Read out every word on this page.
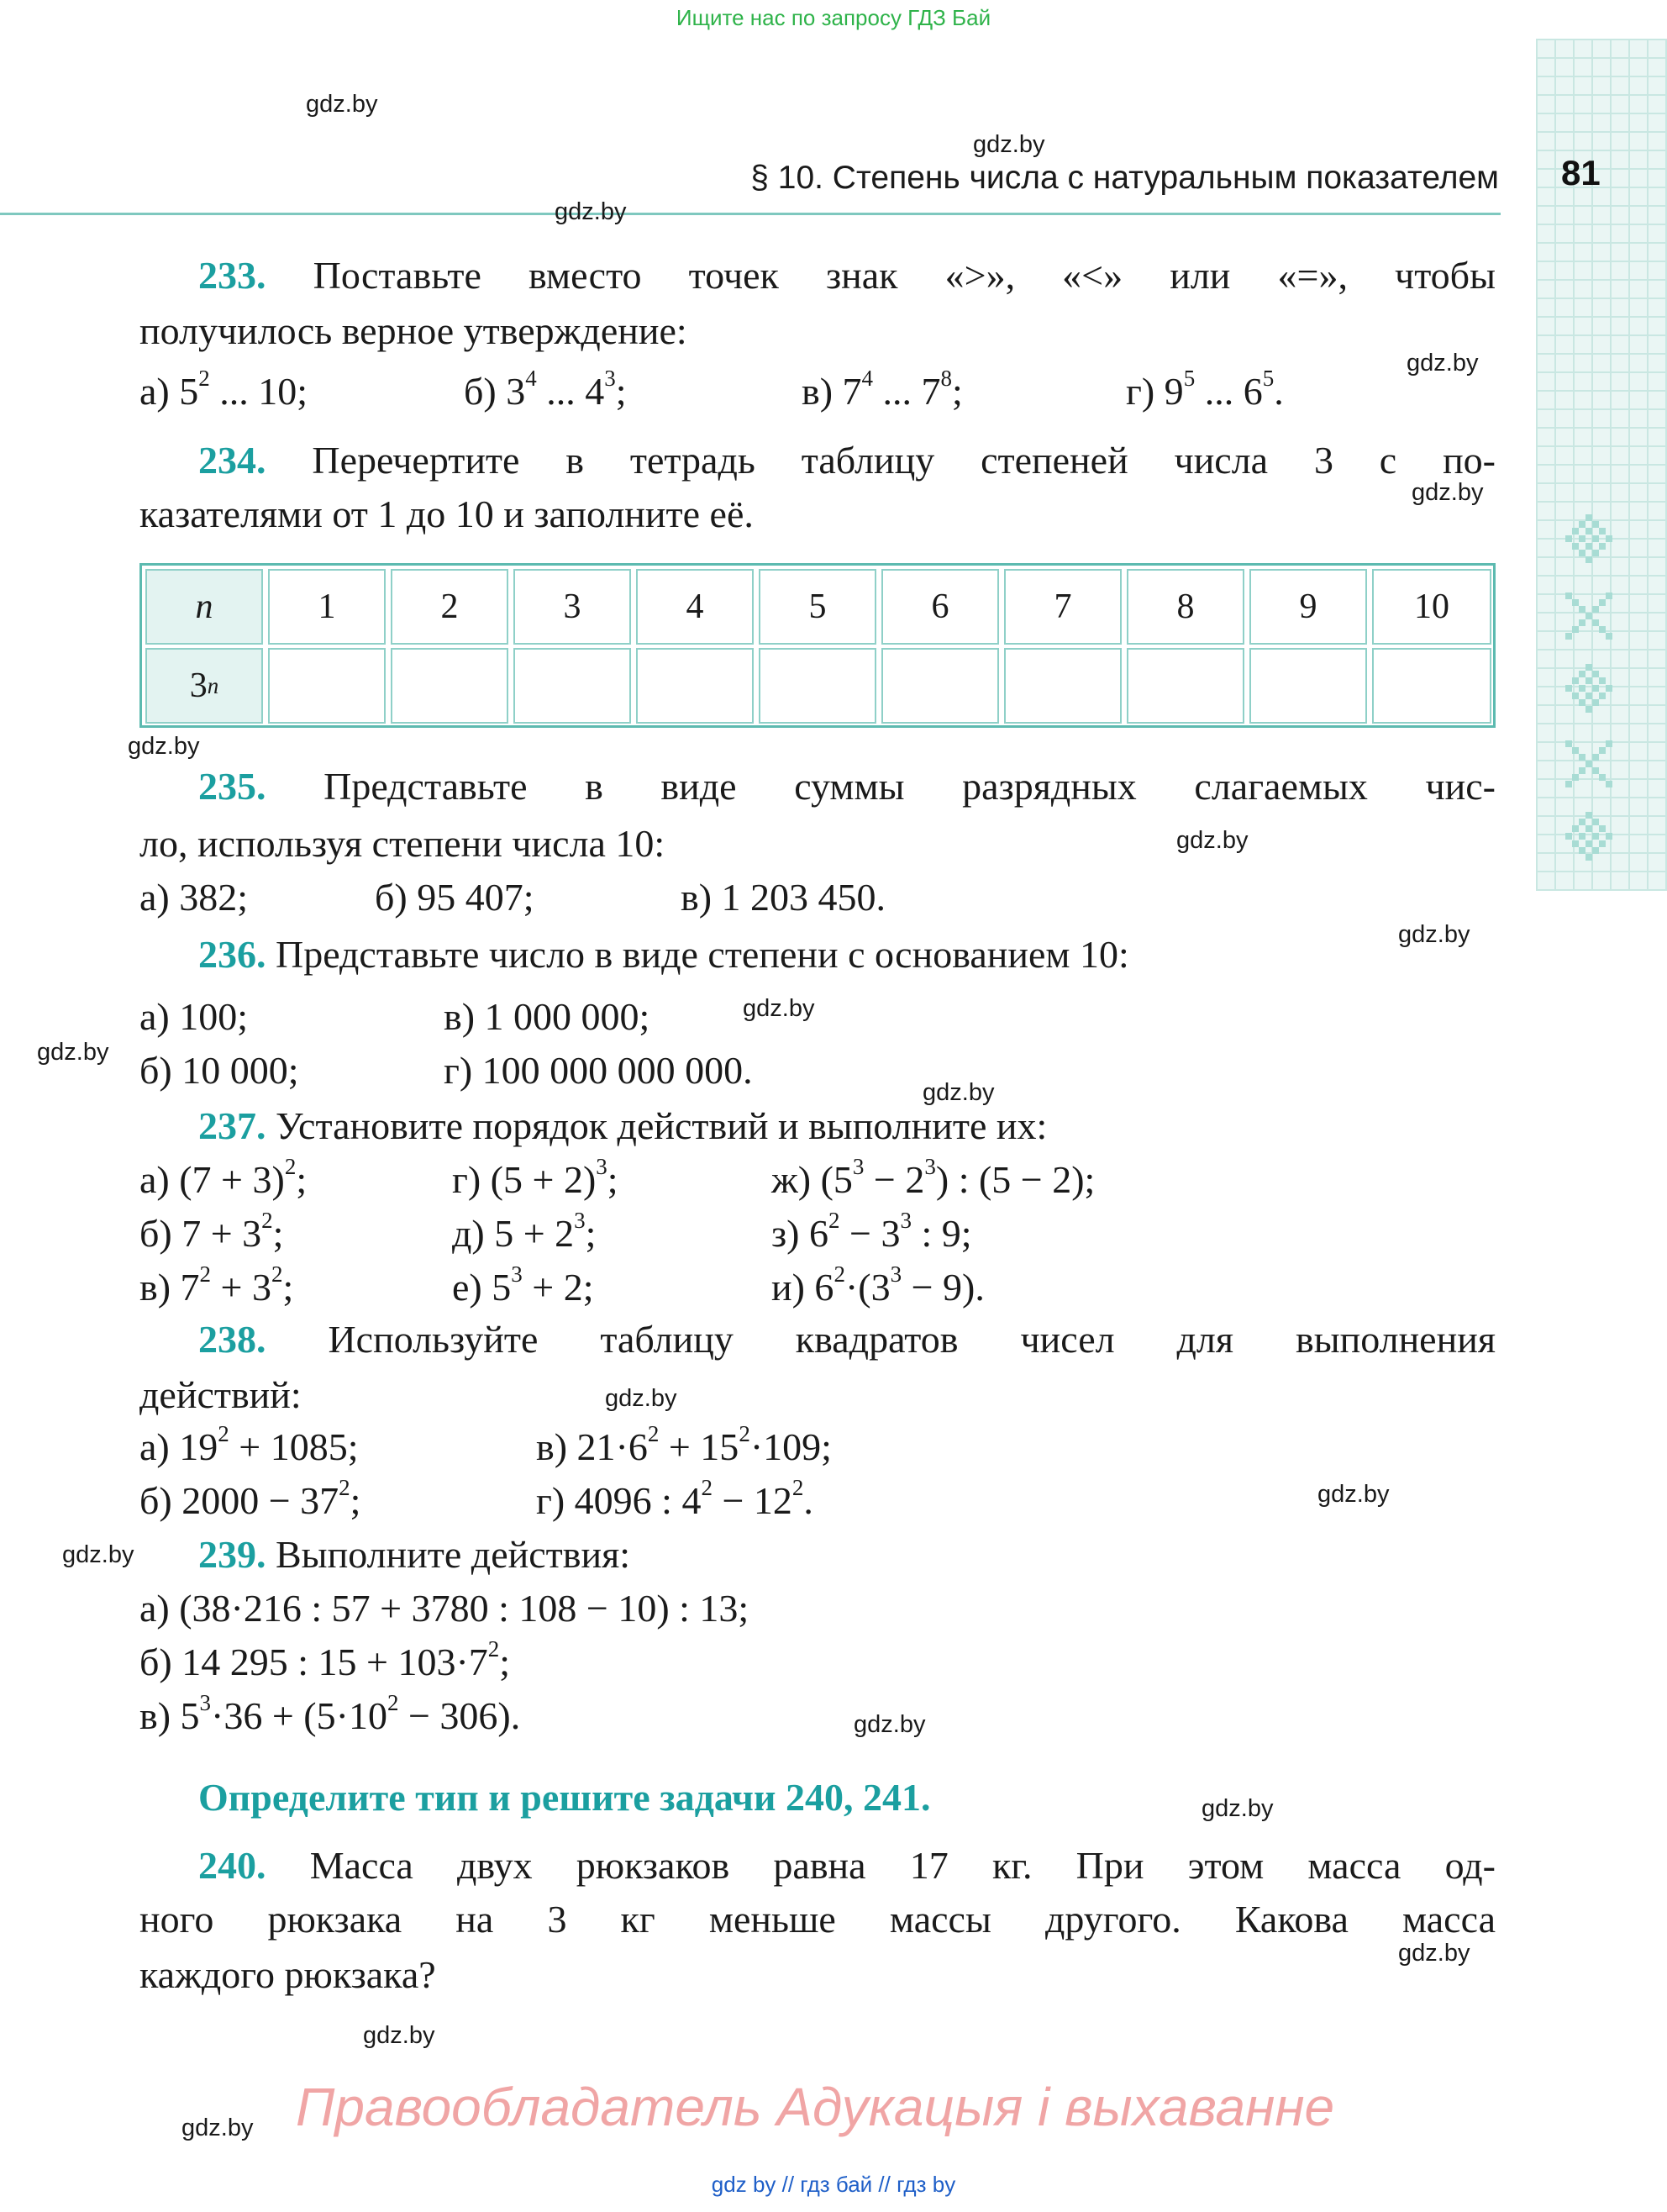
Ищите нас по запросу ГДЗ Бай
gdz by // гдз бай // гдз by
81
§ 10. Степень числа с натуральным показателем
gdz.by
gdz.by
gdz.by
gdz.by
gdz.by
gdz.by
gdz.by
gdz.by
gdz.by
gdz.by
gdz.by
gdz.by
gdz.by
gdz.by
gdz.by
gdz.by
gdz.by
gdz.by
gdz.by
233. Поставьте вместо точек знак «>», «<» или «=», чтобы
получилось верное утверждение:
а) $5^2$ ... 10;	б) $3^4$ ... $4^3$;	в) $7^4$ ... $7^8$;	г) $9^5$ ... $6^5$.
234. Перечертите в тетрадь таблицу степеней числа 3 с по-
казателями от 1 до 10 и заполните её.
n	1	2	3	4	5	6	7	8	9	10
3 n
235. Представьте в виде суммы разрядных слагаемых чис-
ло, используя степени числа 10:
а) 382;	б) 95 407;	в) 1 203 450.
236. Представьте число в виде степени с основанием 10:
а) 100;	в) 1 000 000;
б) 10 000;	г) 100 000 000 000.
237. Установите порядок действий и выполните их:
а) $(7 + 3)^2$;	г) $(5 + 2)^3$;	ж) $(5^3 - 2^3)$ : (5 − 2);
б) $7 + 3^2$;	д) $5 + 2^3$;	з) $6^2 - 3^3$ : 9;
в) $7^2 + 3^2$;	е) $5^3 + 2$;	и) $6^2\cdot(3^3 - 9)$.
238. Используйте таблицу квадратов чисел для выполнения
действий:
а) $19^2 + 1085$;	в) $21\cdot 6^2 + 15^2\cdot 109$;
б) $2000 - 37^2$;	г) 4096 : $4^2 - 12^2$.
239. Выполните действия:
а) (38·216 : 57 + 3780 : 108 − 10) : 13;
б) 14 295 : $15 + 103\cdot 7^2$;
в) $5^3\cdot 36 + (5\cdot 10^2 - 306)$.
Определите тип и решите задачи 240, 241.
240. Масса двух рюкзаков равна 17 кг. При этом масса од-
ного рюкзака на 3 кг меньше массы другого. Какова масса
каждого рюкзака?
Правообладатель Адукацыя і выхаванне
